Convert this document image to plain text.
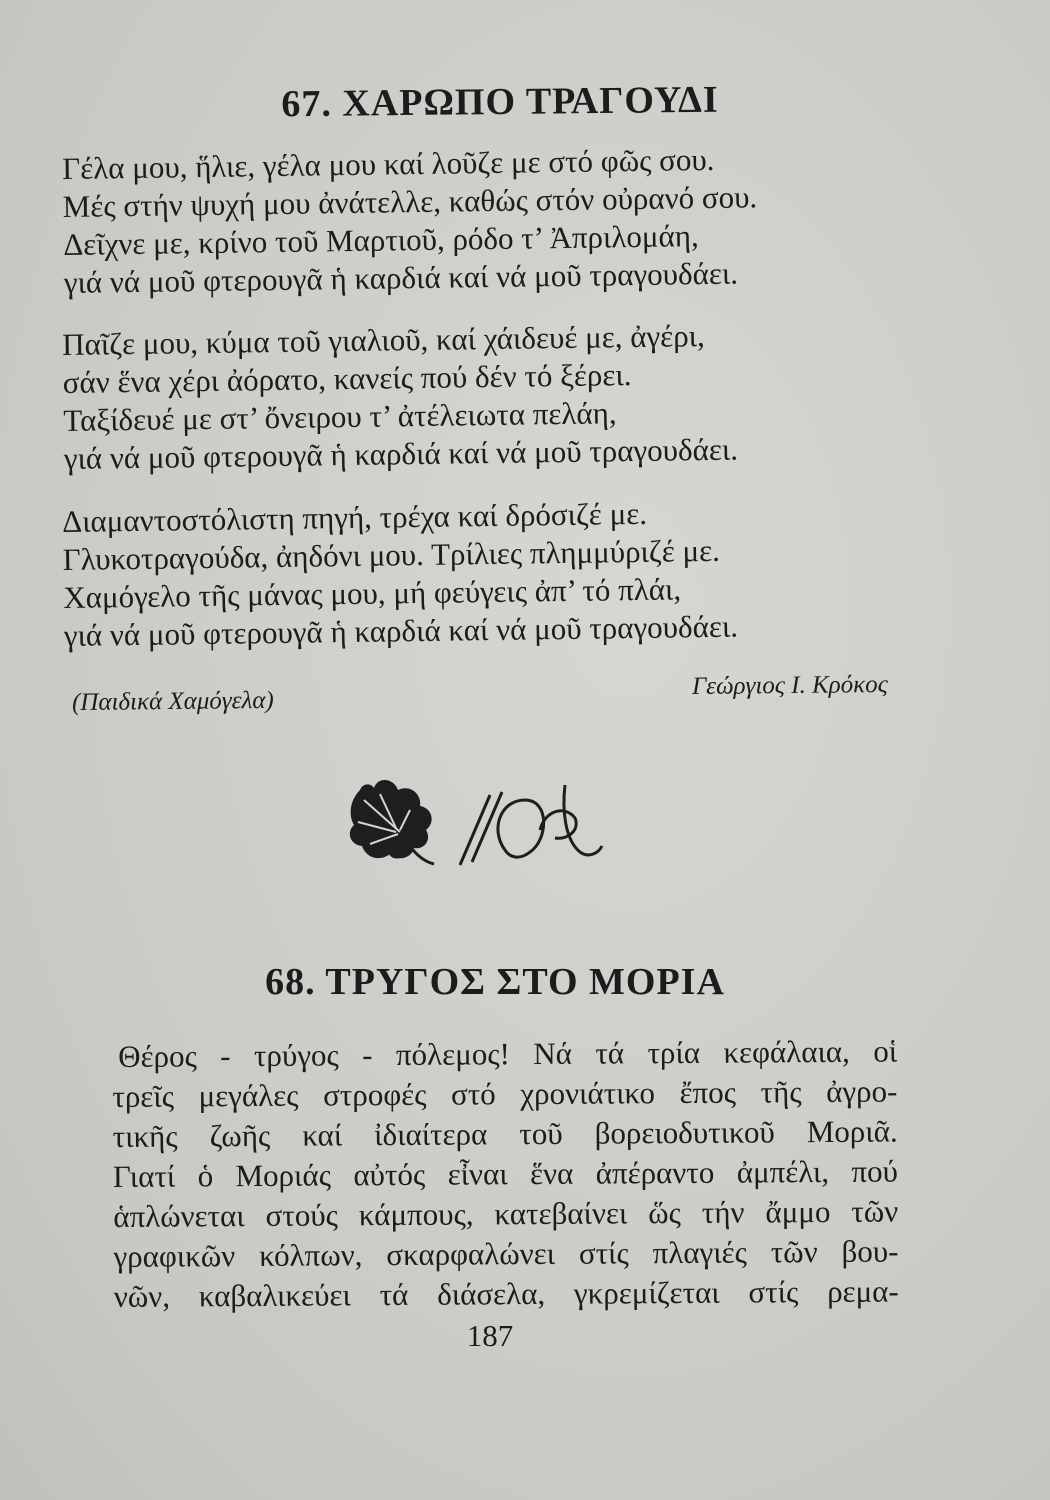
67. ΧΑΡΩΠΟ ΤΡΑΓΟΥΔΙ
Γέλα μου, ἥλιε, γέλα μου καί λοῦζε με στό φῶς σου.
Μές στήν ψυχή μου ἀνάτελλε, καθώς στόν οὐρανό σου.
Δεῖχνε με, κρίνο τοῦ Μαρτιοῦ, ρόδο τ’ Ἀπριλομάη,
γιά νά μοῦ φτερουγᾶ ἡ καρδιά καί νά μοῦ τραγουδάει.
Παῖζε μου, κύμα τοῦ γιαλιοῦ, καί χάιδευέ με, ἀγέρι,
σάν ἕνα χέρι ἀόρατο, κανείς πού δέν τό ξέρει.
Ταξίδευέ με στ’ ὄνειρου τ’ ἀτέλειωτα πελάη,
γιά νά μοῦ φτερουγᾶ ἡ καρδιά καί νά μοῦ τραγουδάει.
Διαμαντοστόλιστη πηγή, τρέχα καί δρόσιζέ με.
Γλυκοτραγούδα, ἀηδόνι μου. Τρίλιες πλημμύριζέ με.
Χαμόγελο τῆς μάνας μου, μή φεύγεις ἀπ’ τό πλάι,
γιά νά μοῦ φτερουγᾶ ἡ καρδιά καί νά μοῦ τραγουδάει.
(Παιδικά Χαμόγελα)
Γεώργιος Ι. Κρόκος
68. ΤΡΥΓΟΣ ΣΤΟ ΜΟΡΙΑ
Θέρος - τρύγος - πόλεμος! Νά τά τρία κεφάλαια, οἱ
τρεῖς μεγάλες στροφές στό χρονιάτικο ἔπος τῆς ἀγρο-
τικῆς ζωῆς καί ἰδιαίτερα τοῦ βορειοδυτικοῦ Μοριᾶ.
Γιατί ὁ Μοριάς αὐτός εἶναι ἕνα ἀπέραντο ἀμπέλι, πού
ἁπλώνεται στούς κάμπους, κατεβαίνει ὥς τήν ἄμμο τῶν
γραφικῶν κόλπων, σκαρφαλώνει στίς πλαγιές τῶν βου-
νῶν, καβαλικεύει τά διάσελα, γκρεμίζεται στίς ρεμα-
187
